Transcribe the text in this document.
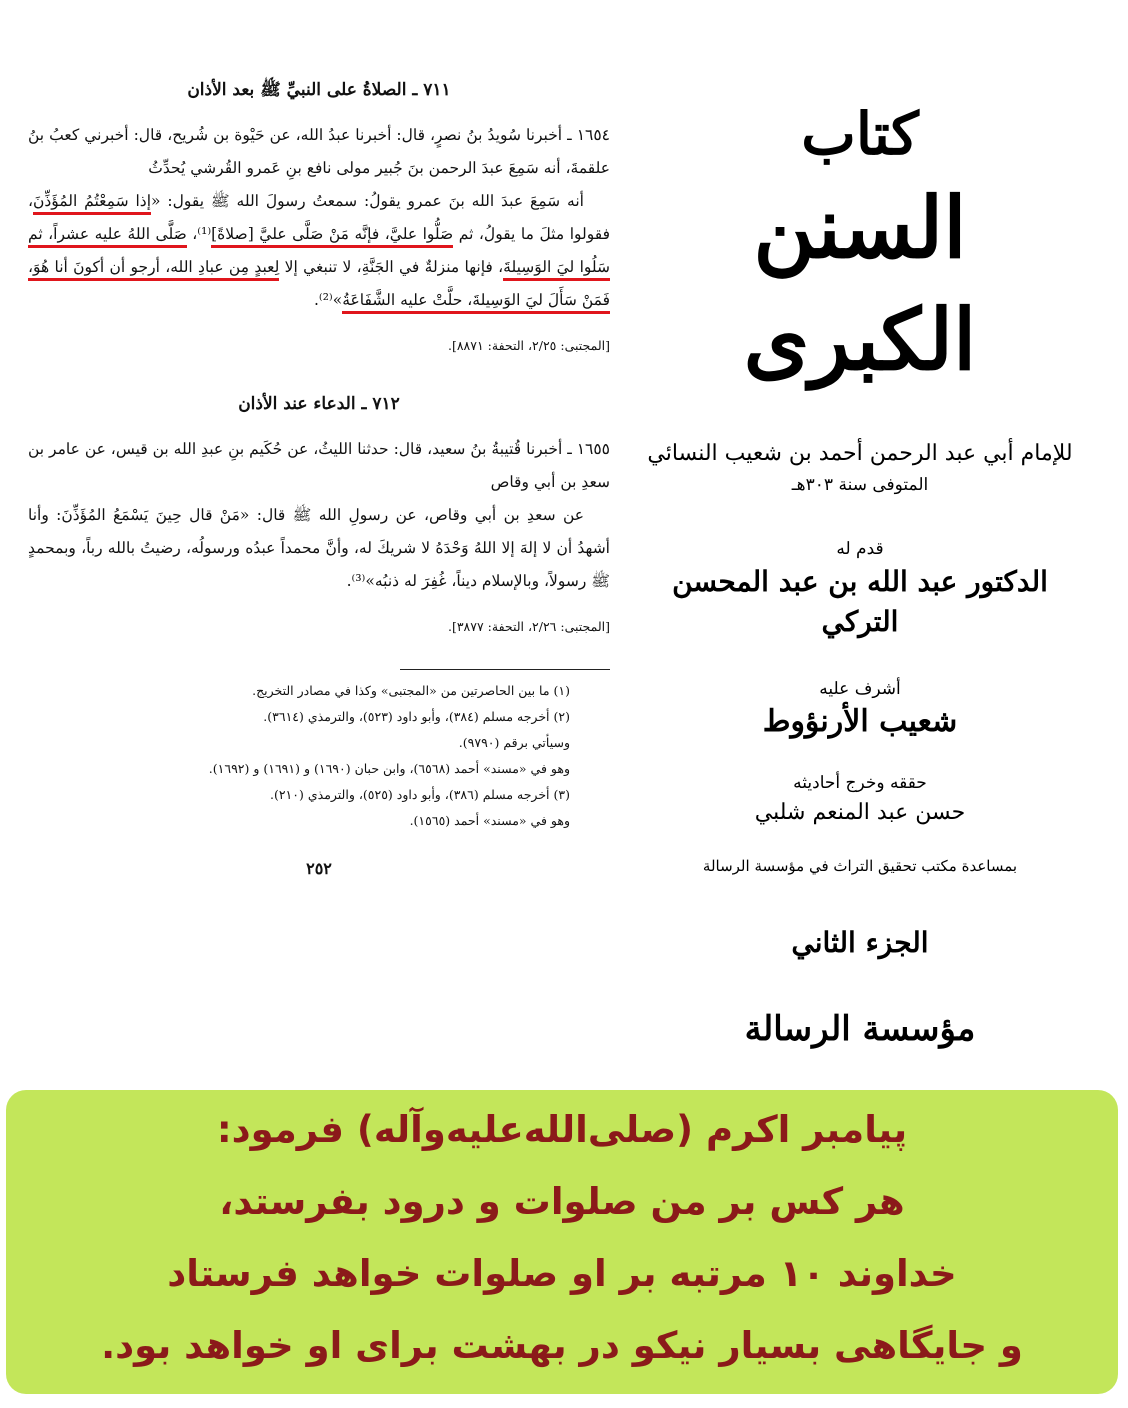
٧١١ ـ الصلاةُ على النبيِّ ﷺ بعد الأذان

١٦٥٤ ـ أخبرنا سُويدُ بنُ نصرٍ، قال: أخبرنا عبدُ الله، عن حَيْوة بن شُريح، قال: أخبرني كعبُ بنُ علقمةَ، أنه سَمِعَ عبدَ الرحمن بنَ جُبير مولى نافع بنِ عَمرو القُرشي يُحدِّثُ

أنه سَمِعَ عبدَ الله بنَ عمرو يقولُ: سمعتُ رسولَ الله ﷺ يقول: «إذا سَمِعْتُمُ المُؤَذِّنَ، فقولوا مثلَ ما يقولُ، ثم صَلُّوا عليَّ، فإنَّه مَنْ صَلَّى عليَّ [صلاةً]⁽¹⁾، صَلَّى اللهُ عليه عشراً، ثم سَلُوا ليَ الوَسِيلةَ، فإنها منزلةٌ في الجَنَّةِ، لا تنبغي إلا لِعبدٍ مِن عبادِ الله، أرجو أن أكونَ أنا هُوَ، فَمَنْ سَأَلَ ليَ الوَسِيلةَ، حلَّتْ عليه الشَّفَاعَةُ»⁽²⁾.

[المجتبى: ٢/٢٥، التحفة: ٨٨٧١].
٧١٢ ـ الدعاء عند الأذان

١٦٥٥ ـ أخبرنا قُتيبةُ بنُ سعيد، قال: حدثنا الليثُ، عن حُكَيم بنِ عبدِ الله بن قيس، عن عامر بن سعدِ بن أبي وقاص

عن سعدِ بن أبي وقاص، عن رسولِ الله ﷺ قال: «مَنْ قال حِينَ يَسْمَعُ المُؤَذِّنَ: وأنا أشهدُ أن لا إلهَ إلا اللهُ وَحْدَهُ لا شريكَ له، وأنَّ محمداً عبدُه ورسولُه، رضيتُ بالله رباً، وبمحمدٍ ﷺ رسولاً، وبالإسلام ديناً، غُفِرَ له ذنبُه»⁽³⁾.

[المجتبى: ٢/٢٦، التحفة: ٣٨٧٧].

(١) ما بين الحاصرتين من «المجتبى» وكذا في مصادر التخريج.

(٢) أخرجه مسلم (٣٨٤)، وأبو داود (٥٢٣)، والترمذي (٣٦١٤).

وسيأتي برقم (٩٧٩٠).

وهو في «مسند» أحمد (٦٥٦٨)، وابن حبان (١٦٩٠) و (١٦٩١) و (١٦٩٢).

(٣) أخرجه مسلم (٣٨٦)، وأبو داود (٥٢٥)، والترمذي (٢١٠).

وهو في «مسند» أحمد (١٥٦٥).

٢٥٢
كتاب
السنن الكبرى
للإمام أبي عبد الرحمن أحمد بن شعيب النسائي
المتوفى سنة ٣٠٣هـ
قدم له
الدكتور عبد الله بن عبد المحسن التركي
أشرف عليه
شعيب الأرنؤوط
حققه وخرج أحاديثه
حسن عبد المنعم شلبي
بمساعدة مكتب تحقيق التراث في مؤسسة الرسالة
الجزء الثاني
مؤسسة الرسالة
پیامبر اکرم (صلی‌الله‌علیه‌وآله) فرمود:
هر کس بر من صلوات و درود بفرستد،
خداوند ۱۰ مرتبه بر او صلوات خواهد فرستاد
و جایگاهی بسیار نیکو در بهشت برای او خواهد بود.
